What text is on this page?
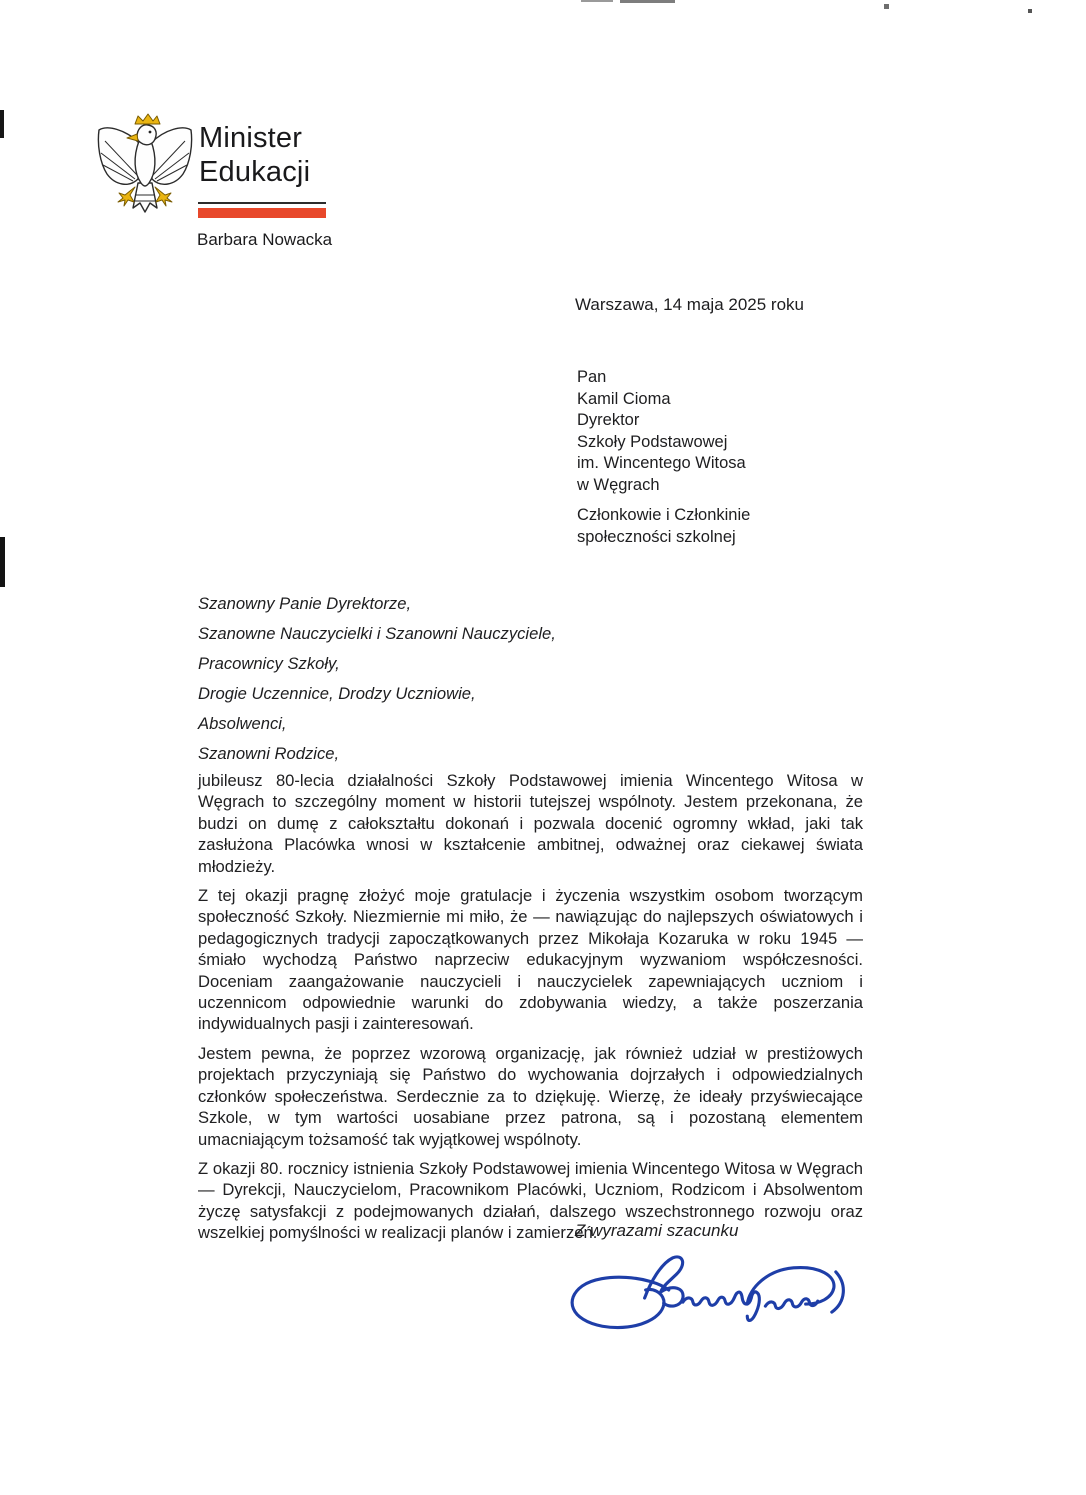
Minister
Edukacji
Barbara Nowacka
Warszawa, 14 maja 2025 roku
Pan
Kamil Cioma
Dyrektor
Szkoły Podstawowej
im. Wincentego Witosa
w Węgrach
Członkowie i Członkinie
społeczności szkolnej
Szanowny Panie Dyrektorze,
Szanowne Nauczycielki i Szanowni Nauczyciele,
Pracownicy Szkoły,
Drogie Uczennice, Drodzy Uczniowie,
Absolwenci,
Szanowni Rodzice,

jubileusz 80-lecia działalności Szkoły Podstawowej imienia Wincentego Witosa w Węgrach to szczególny moment w historii tutejszej wspólnoty. Jestem przekonana, że budzi on dumę z całokształtu dokonań i pozwala docenić ogromny wkład, jaki tak zasłużona Placówka wnosi w kształcenie ambitnej, odważnej oraz ciekawej świata młodzieży.

Z tej okazji pragnę złożyć moje gratulacje i życzenia wszystkim osobom tworzącym społeczność Szkoły. Niezmiernie mi miło, że — nawiązując do najlepszych oświatowych i pedagogicznych tradycji zapoczątkowanych przez Mikołaja Kozaruka w roku 1945 — śmiało wychodzą Państwo naprzeciw edukacyjnym wyzwaniom współczesności. Doceniam zaangażowanie nauczycieli i nauczycielek zapewniających uczniom i uczennicom odpowiednie warunki do zdobywania wiedzy, a także poszerzania indywidualnych pasji i zainteresowań.

Jestem pewna, że poprzez wzorową organizację, jak również udział w prestiżowych projektach przyczyniają się Państwo do wychowania dojrzałych i odpowiedzialnych członków społeczeństwa. Serdecznie za to dziękuję. Wierzę, że ideały przyświecające Szkole, w tym wartości uosabiane przez patrona, są i pozostaną elementem umacniającym tożsamość tak wyjątkowej wspólnoty.

Z okazji 80. rocznicy istnienia Szkoły Podstawowej imienia Wincentego Witosa w Węgrach — Dyrekcji, Nauczycielom, Pracownikom Placówki, Uczniom, Rodzicom i Absolwentom życzę satysfakcji z podejmowanych działań, dalszego wszechstronnego rozwoju oraz wszelkiej pomyślności w realizacji planów i zamierzeń.

Z wyrazami szacunku
